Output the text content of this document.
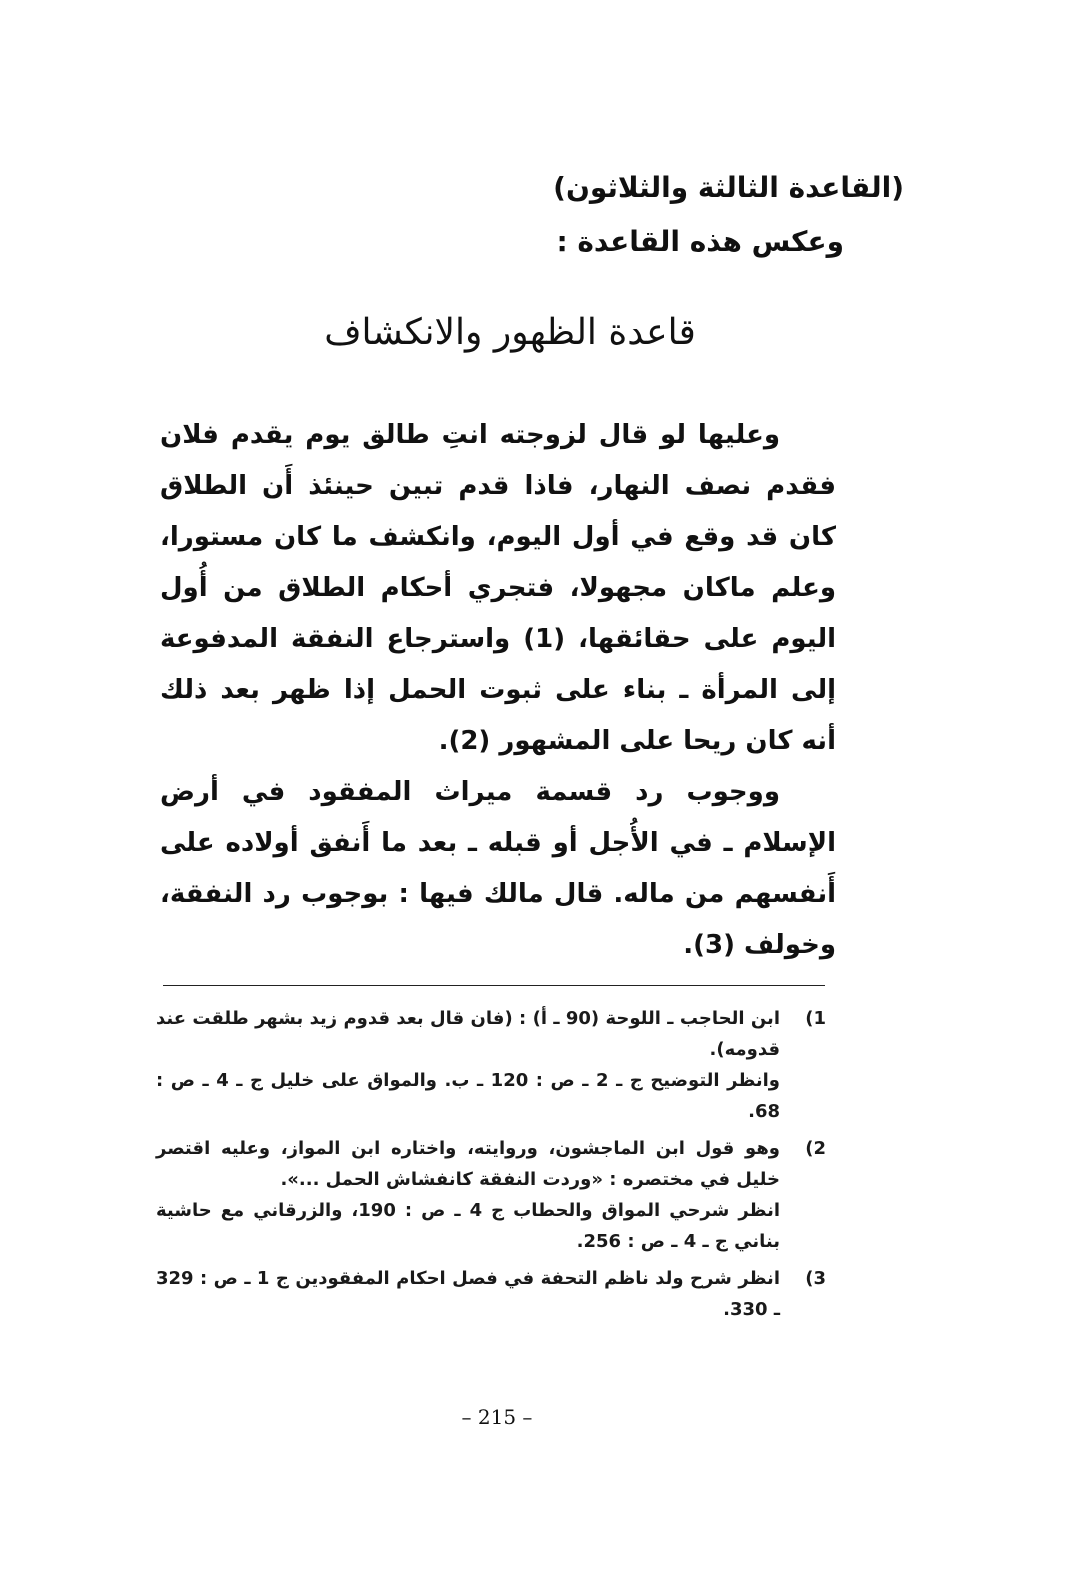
(القاعدة الثالثة والثلاثون)
وعكس هذه القاعدة :
قاعدة الظهور والانكشاف

وعليها لو قال لزوجته انتِ طالق يوم يقدم فلان فقدم نصف النهار، فاذا قدم تبين حينئذ أَن الطلاق كان قد وقع في أول اليوم، وانكشف ما كان مستورا، وعلم ماكان مجهولا، فتجري أحكام الطلاق من أُول اليوم على حقائقها، (1) واسترجاع النفقة المدفوعة إلى المرأة ـ بناء على ثبوت الحمل إذا ظهر بعد ذلك أنه كان ريحا على المشهور (2).

ووجوب رد قسمة ميراث المفقود في أرض الإسلام ـ في الأُجل أو قبله ـ بعد ما أَنفق أولاده على أَنفسهم من ماله. قال مالك فيها : بوجوب رد النفقة، وخولف (3).

(1
ابن الحاجب ـ اللوحة (90 ـ أ) : (فان قال بعد قدوم زيد بشهر طلقت عند قدومه).
وانظر التوضيح ج ـ 2 ـ ص : 120 ـ ب. والمواق على خليل ج ـ 4 ـ ص : 68.
(2
وهو قول ابن الماجشون، وروايته، واختاره ابن المواز، وعليه اقتصر خليل في مختصره : «وردت النفقة كانفشاش الحمل ...».
انظر شرحي المواق والحطاب ج 4 ـ ص : 190، والزرقاني مع حاشية بناني ج ـ 4 ـ ص : 256.
(3
انظر شرح ولد ناظم التحفة في فصل احكام المفقودين ج 1 ـ ص : 329 ـ 330.
– 215 –
